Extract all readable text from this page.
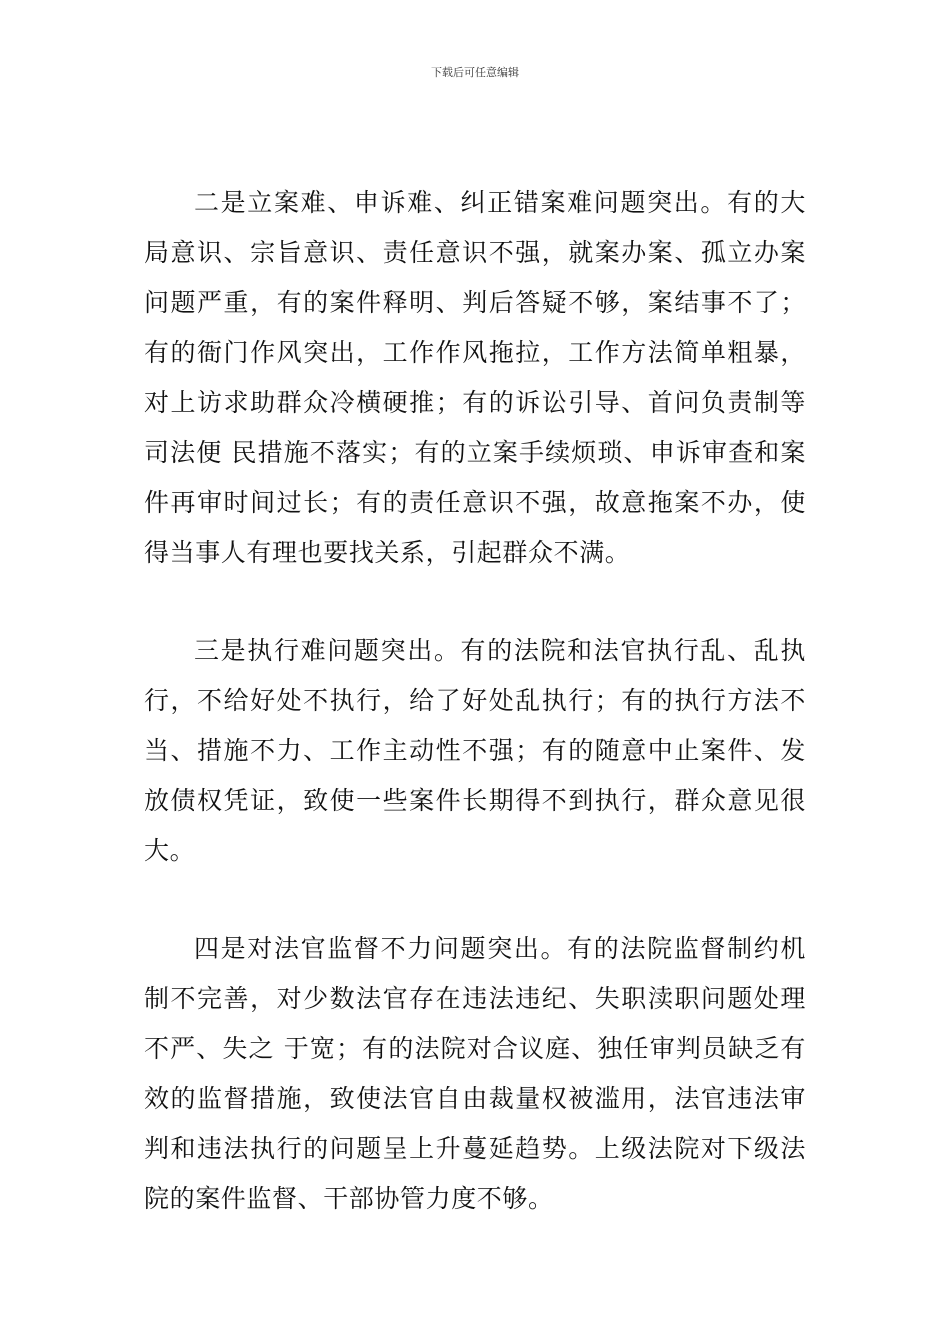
下载后可任意编辑

二是立案难、申诉难、纠正错案难问题突出。有的大局意识、宗旨意识、责任意识不强，就案办案、孤立办案问题严重，有的案件释明、判后答疑不够，案结事不了；有的衙门作风突出，工作作风拖拉，工作方法简单粗暴，对上访求助群众冷横硬推；有的诉讼引导、首问负责制等司法便 民措施不落实；有的立案手续烦琐、申诉审查和案件再审时间过长；有的责任意识不强，故意拖案不办，使得当事人有理也要找关系，引起群众不满。

三是执行难问题突出。有的法院和法官执行乱、乱执行，不给好处不执行，给了好处乱执行；有的执行方法不当、措施不力、工作主动性不强；有的随意中止案件、发放债权凭证，致使一些案件长期得不到执行，群众意见很大。

四是对法官监督不力问题突出。有的法院监督制约机制不完善，对少数法官存在违法违纪、失职渎职问题处理不严、失之 于宽；有的法院对合议庭、独任审判员缺乏有效的监督措施，致使法官自由裁量权被滥用，法官违法审判和违法执行的问题呈上升蔓延趋势。上级法院对下级法院的案件监督、干部协管力度不够。
